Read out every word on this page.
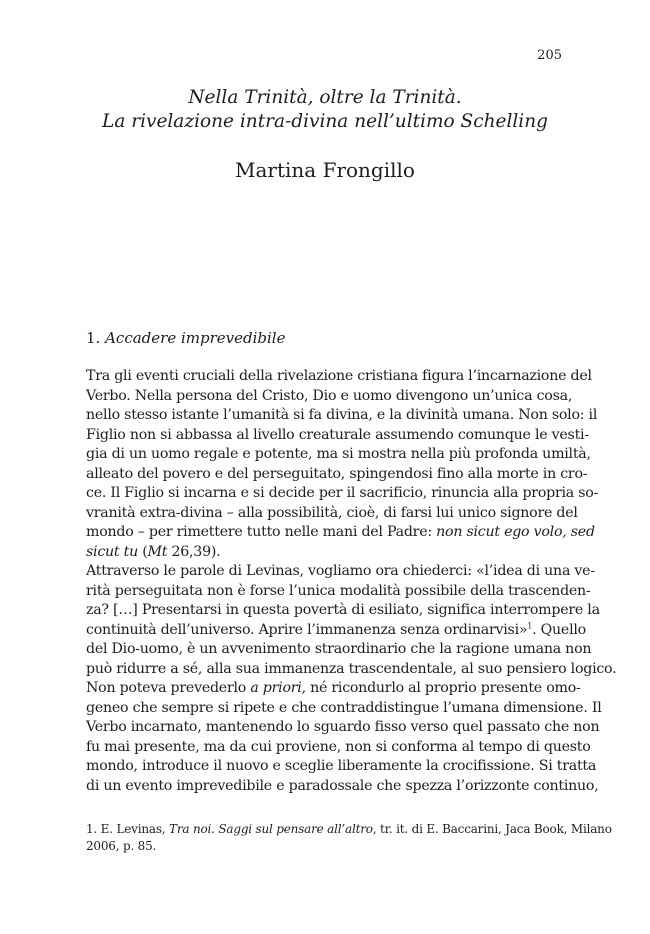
205
Nella Trinità, oltre la Trinità.
La rivelazione intra-divina nell’ultimo Schelling
Martina Frongillo
1. Accadere imprevedibile
Tra gli eventi cruciali della rivelazione cristiana figura l’incarnazione del
Verbo. Nella persona del Cristo, Dio e uomo divengono un’unica cosa,
nello stesso istante l’umanità si fa divina, e la divinità umana. Non solo: il
Figlio non si abbassa al livello creaturale assumendo comunque le vesti-
gia di un uomo regale e potente, ma si mostra nella più profonda umiltà,
alleato del povero e del perseguitato, spingendosi fino alla morte in cro-
ce. Il Figlio si incarna e si decide per il sacrificio, rinuncia alla propria so-
vranità extra-divina – alla possibilità, cioè, di farsi lui unico signore del
mondo – per rimettere tutto nelle mani del Padre: non sicut ego volo, sed
sicut tu (Mt 26,39).
Attraverso le parole di Levinas, vogliamo ora chiederci: «l’idea di una ve-
rità perseguitata non è forse l’unica modalità possibile della trascenden-
za? […] Presentarsi in questa povertà di esiliato, significa interrompere la
continuità dell’universo. Aprire l’immanenza senza ordinarvisi»$^1$. Quello
del Dio-uomo, è un avvenimento straordinario che la ragione umana non
può ridurre a sé, alla sua immanenza trascendentale, al suo pensiero logico.
Non poteva prevederlo a priori, né ricondurlo al proprio presente omo-
geneo che sempre si ripete e che contraddistingue l’umana dimensione. Il
Verbo incarnato, mantenendo lo sguardo fisso verso quel passato che non
fu mai presente, ma da cui proviene, non si conforma al tempo di questo
mondo, introduce il nuovo e sceglie liberamente la crocifissione. Si tratta
di un evento imprevedibile e paradossale che spezza l’orizzonte continuo,
1. E. Levinas, Tra noi. Saggi sul pensare all’altro, tr. it. di E. Baccarini, Jaca Book, Milano
2006, p. 85.
